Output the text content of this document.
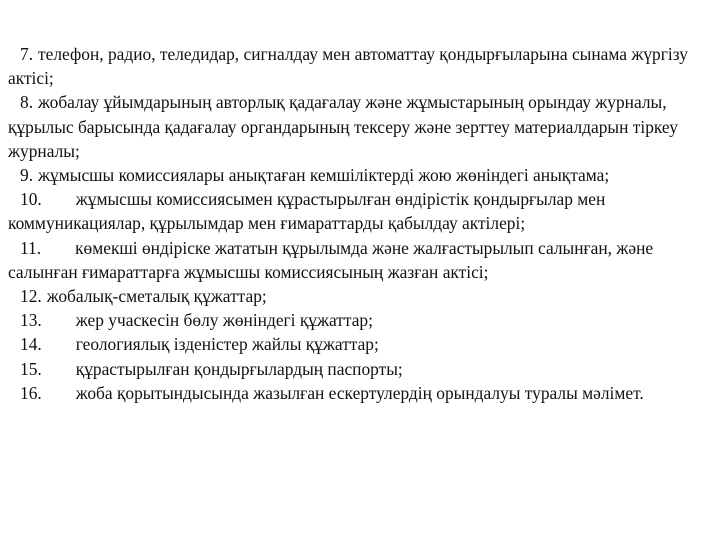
7. телефон, радио, теледидар, сигналдау мен автоматтау қондырғыларына сынама жүргізу актісі;

8. жобалау ұйымдарының авторлық қадағалау және жұмыстарының орындау журналы, құрылыс барысында қадағалау органдарының тексеру және зерттеу материалдарын тіркеу журналы;

9. жұмысшы комиссиялары анықтаған кемшіліктерді жою жөніндегі анықтама;

10. жұмысшы комиссиясымен құрастырылған өндірістік қондырғылар мен коммуникациялар, құрылымдар мен ғимараттарды қабылдау актілері;

11. көмекші өндіріске жататын құрылымда және жалғастырылып салынған, және салынған ғимараттарға жұмысшы комиссиясының жазған актісі;

12. жобалық-сметалық құжаттар;

13. жер учаскесін бөлу жөніндегі құжаттар;

14. геологиялық ізденістер жайлы құжаттар;

15. құрастырылған қондырғылардың паспорты;

16. жоба қорытындысында жазылған ескертулердің орындалуы туралы мәлімет.
